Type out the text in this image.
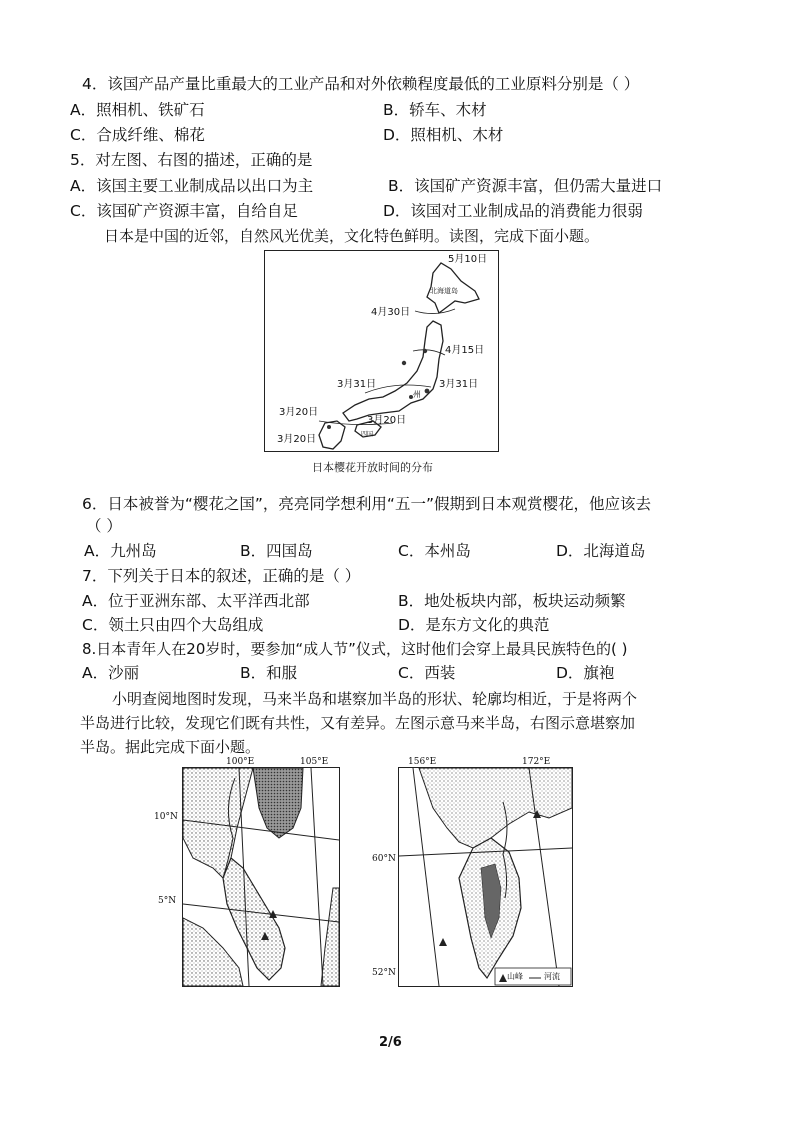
4．该国产品产量比重最大的工业产品和对外依赖程度最低的工业原料分别是（ ）
A．照相机、铁矿石	B．轿车、木材
C．合成纤维、棉花	D．照相机、木材
5．对左图、右图的描述，正确的是
A．该国主要工业制成品以出口为主	B．该国矿产资源丰富，但仍需大量进口
C．该国矿产资源丰富，自给自足	D．该国对工业制成品的消费能力很弱
日本是中国的近邻，自然风光优美，文化特色鲜明。读图，完成下面小题。
5月10日
北海道岛
4月30日
4月15日
3月31日	3月31日
州
3月20日
3月20日
四国
3月20日
日本樱花开放时间的分布
6．日本被誉为“樱花之国”，亮亮同学想利用“五一”假期到日本观赏樱花，他应该去
（ ）
A．九州岛	B．四国岛	C．本州岛	D．北海道岛
7．下列关于日本的叙述，正确的是（ ）
A．位于亚洲东部、太平洋西北部	B．地处板块内部，板块运动频繁
C．领土只由四个大岛组成	D．是东方文化的典范
8.日本青年人在20岁时，要参加“成人节”仪式，这时他们会穿上最具民族特色的( )
A．沙丽	B．和服	C．西装	D．旗袍
小明查阅地图时发现，马来半岛和堪察加半岛的形状、轮廓均相近，于是将两个
半岛进行比较，发现它们既有共性，又有差异。左图示意马来半岛，右图示意堪察加
半岛。据此完成下面小题。
100°E	105°E
10°N
5°N
156°E	172°E
60°N
52°N	山峰	河流
2/6
